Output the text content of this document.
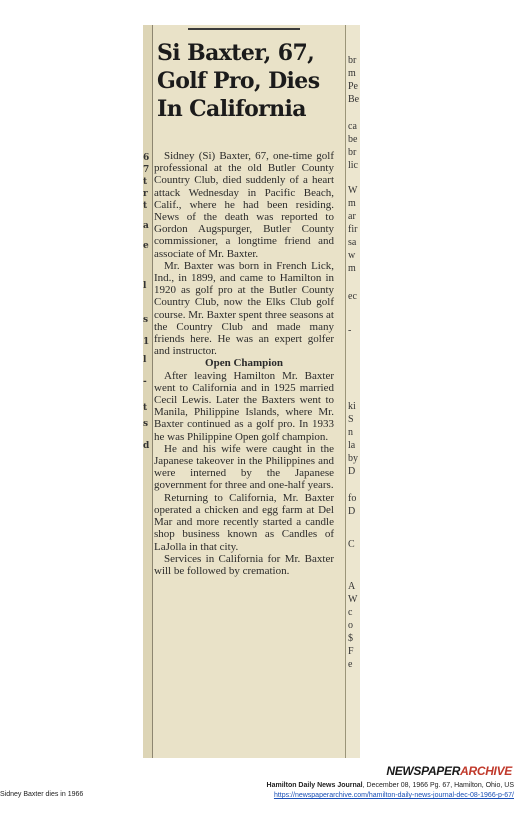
6
7
t
r
t
a
e
l
s
1
l
-
t
s
d
Si Baxter, 67,
Golf Pro, Dies
In California

Sidney (Si) Baxter, 67, one-time golf professional at the old Butler County Country Club, died suddenly of a heart attack Wednesday in Pacific Beach, Calif., where he had been residing. News of the death was reported to Gordon Augspurger, Butler County commissioner, a longtime friend and associate of Mr. Baxter.

Mr. Baxter was born in French Lick, Ind., in 1899, and came to Hamilton in 1920 as golf pro at the Butler County Country Club, now the Elks Club golf course. Mr. Baxter spent three seasons at the Country Club and made many friends here. He was an expert golfer and instructor.

Open Champion

After leaving Hamilton Mr. Baxter went to California and in 1925 married Cecil Lewis. Later the Baxters went to Manila, Philippine Islands, where Mr. Baxter continued as a golf pro. In 1933 he was Philippine Open golf champion.

He and his wife were caught in the Japanese takeover in the Philippines and were interned by the Japanese government for three and one-half years.

Returning to California, Mr. Baxter operated a chicken and egg farm at Del Mar and more recently started a candle shop business known as Candles of LaJolla in that city.

Services in California for Mr. Baxter will be followed by cremation.

br
m
Pe
Be
ca
be
br
lic
W
m
ar
fir
sa
w
m
ec
-
ki
S
n
la
by
D
fo
D
C
A
W
c
o
$
F
e
NEWSPAPERARCHIVE
Hamilton Daily News Journal, December 08, 1966 Pg. 67, Hamilton, Ohio, US
https://newspaperarchive.com/hamilton-daily-news-journal-dec-08-1966-p-67/
Sidney Baxter dies in 1966
